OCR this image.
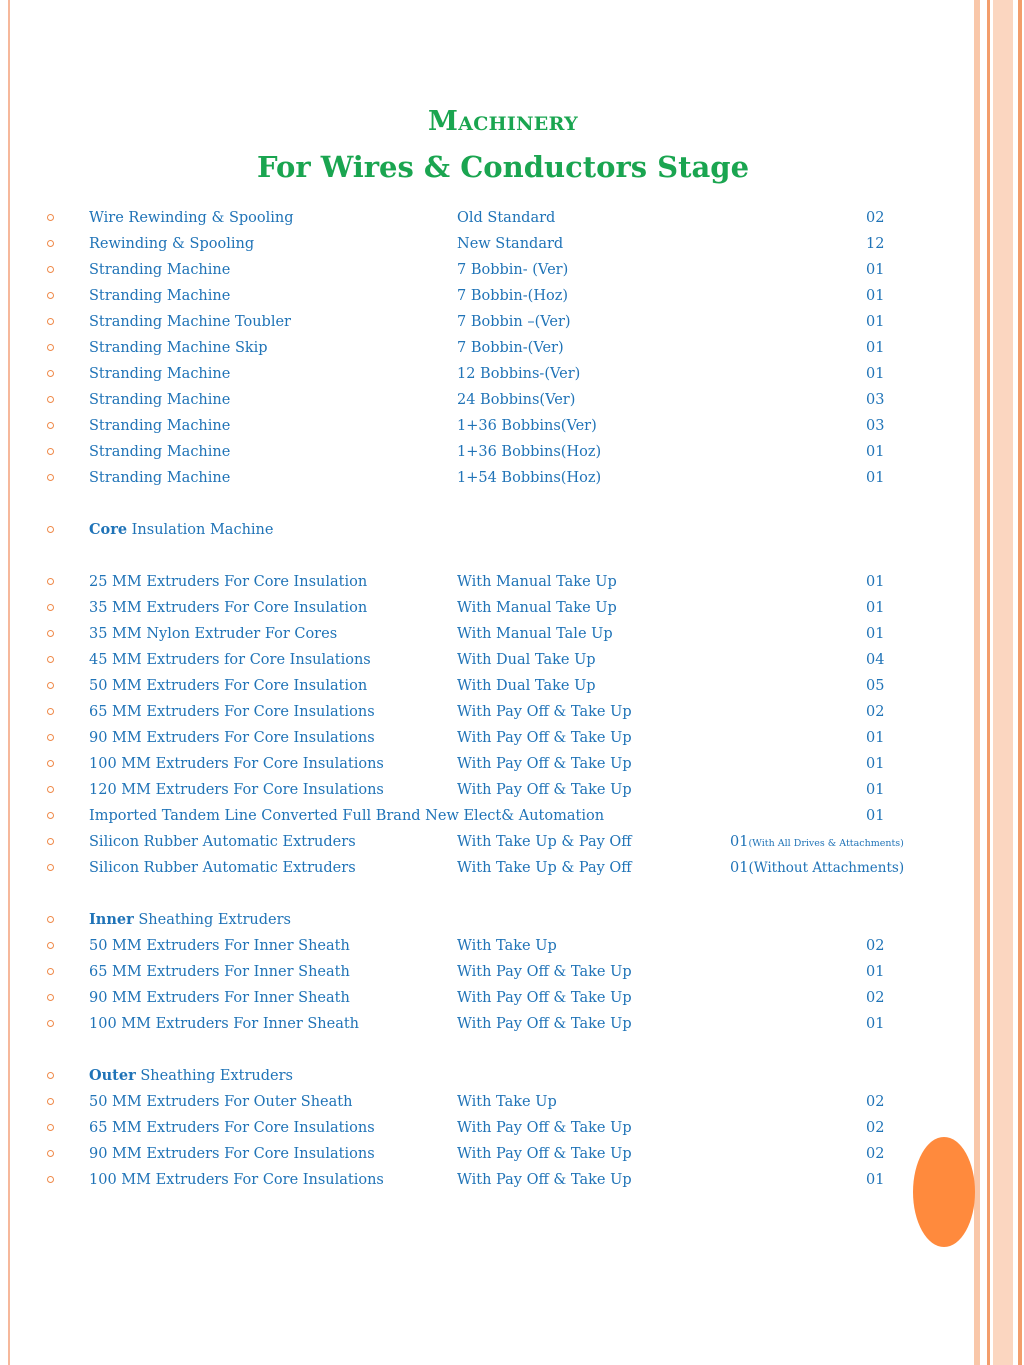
Machinery
For Wires & Conductors Stage
Wire Rewinding & Spooling	Old Standard	02
Rewinding & Spooling	New Standard	12
Stranding Machine	7 Bobbin- (Ver)	01
Stranding Machine	7 Bobbin-(Hoz)	01
Stranding Machine Toubler	7 Bobbin –(Ver)	01
Stranding Machine Skip	7 Bobbin-(Ver)	01
Stranding Machine	12 Bobbins-(Ver)	01
Stranding Machine	24 Bobbins(Ver)	03
Stranding Machine	1+36 Bobbins(Ver)	03
Stranding Machine	1+36 Bobbins(Hoz)	01
Stranding Machine	1+54 Bobbins(Hoz)	01
Core Insulation Machine
25 MM Extruders For Core Insulation	With Manual Take Up	01
35 MM Extruders For Core Insulation	With Manual Take Up	01
35 MM Nylon Extruder For Cores	With Manual Tale Up	01
45 MM Extruders for Core Insulations	With Dual Take Up	04
50 MM Extruders For Core Insulation	With Dual Take Up	05
65 MM Extruders For Core Insulations	With Pay Off & Take Up	02
90 MM Extruders For Core Insulations	With Pay Off & Take Up	01
100 MM Extruders For Core Insulations	With Pay Off & Take Up	01
120 MM Extruders For Core Insulations	With Pay Off & Take Up	01
Imported Tandem Line Converted Full Brand New Elect& Automation	01
Silicon Rubber Automatic Extruders	With Take Up & Pay Off	01(With All Drives & Attachments)
Silicon Rubber Automatic Extruders	With Take Up & Pay Off	01(Without Attachments)
Inner Sheathing Extruders
50 MM Extruders For Inner Sheath	With Take Up	02
65 MM Extruders For Inner Sheath	With Pay Off & Take Up	01
90 MM Extruders For Inner Sheath	With Pay Off & Take Up	02
100 MM Extruders For Inner Sheath	With Pay Off & Take Up	01
Outer Sheathing Extruders
50 MM Extruders For Outer Sheath	With Take Up	02
65 MM Extruders For Core Insulations	With Pay Off & Take Up	02
90 MM Extruders For Core Insulations	With Pay Off & Take Up	02
100 MM Extruders For Core Insulations	With Pay Off & Take Up	01
